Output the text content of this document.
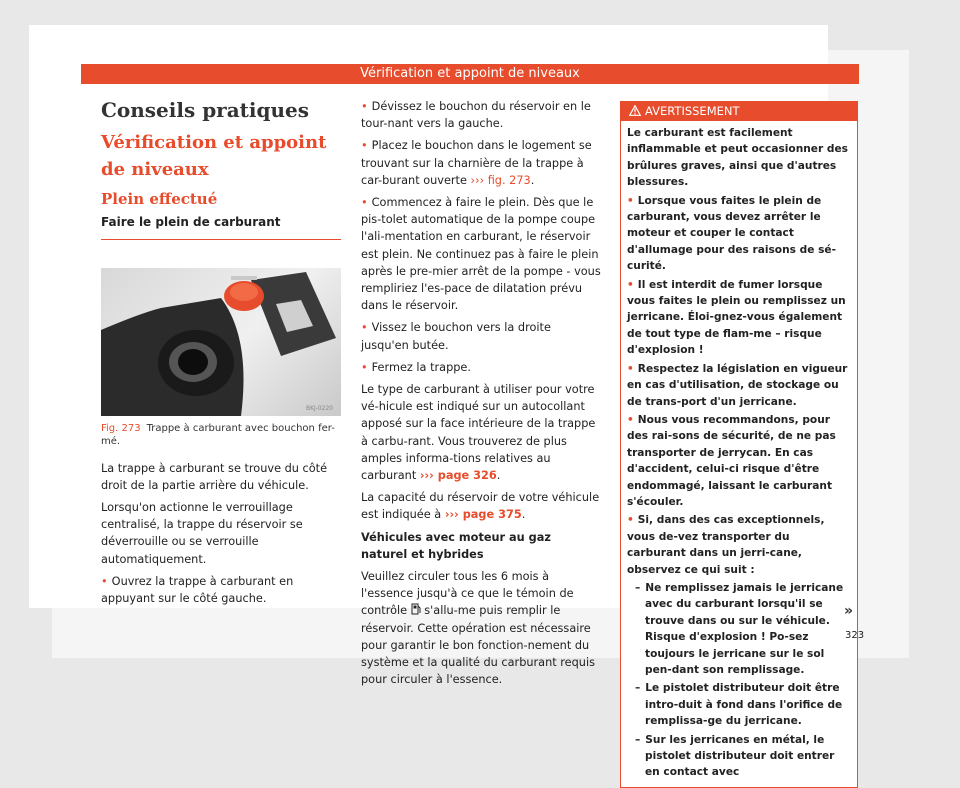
Vérification et appoint de niveaux
Conseils pratiques
Vérification et appoint de niveaux
Plein effectué
Faire le plein de carburant
BKJ-0220
Fig. 273 Trappe à carburant avec bouchon fer-mé.

La trappe à carburant se trouve du côté droit de la partie arrière du véhicule.

Lorsqu'on actionne le verrouillage centralisé, la trappe du réservoir se déverrouille ou se verrouille automatiquement.

• Ouvrez la trappe à carburant en appuyant sur le côté gauche.

• Dévissez le bouchon du réservoir en le tour-nant vers la gauche.

• Placez le bouchon dans le logement se trouvant sur la charnière de la trappe à car-burant ouverte ››› fig. 273.

• Commencez à faire le plein. Dès que le pis-tolet automatique de la pompe coupe l'ali-mentation en carburant, le réservoir est plein. Ne continuez pas à faire le plein après le pre-mier arrêt de la pompe - vous rempliriez l'es-pace de dilatation prévu dans le réservoir.

• Vissez le bouchon vers la droite jusqu'en butée.

• Fermez la trappe.

Le type de carburant à utiliser pour votre vé-hicule est indiqué sur un autocollant apposé sur la face intérieure de la trappe à carbu-rant. Vous trouverez de plus amples informa-tions relatives au carburant ››› page 326.

La capacité du réservoir de votre véhicule est indiquée à ››› page 375.

Véhicules avec moteur au gaz naturel et hybrides

Veuillez circuler tous les 6 mois à l'essence jusqu'à ce que le témoin de contrôle  s'allu-me puis remplir le réservoir. Cette opération est nécessaire pour garantir le bon fonction-nement du système et la qualité du carburant requis pour circuler à l'essence.

AVERTISSEMENT

Le carburant est facilement inflammable et peut occasionner des brûlures graves, ainsi que d'autres blessures.

• Lorsque vous faites le plein de carburant, vous devez arrêter le moteur et couper le contact d'allumage pour des raisons de sé-curité.

• Il est interdit de fumer lorsque vous faites le plein ou remplissez un jerricane. Éloi-gnez-vous également de tout type de flam-me – risque d'explosion !

• Respectez la législation en vigueur en cas d'utilisation, de stockage ou de trans-port d'un jerricane.

• Nous vous recommandons, pour des rai-sons de sécurité, de ne pas transporter de jerrycan. En cas d'accident, celui-ci risque d'être endommagé, laissant le carburant s'écouler.

• Si, dans des cas exceptionnels, vous de-vez transporter du carburant dans un jerri-cane, observez ce qui suit :

– Ne remplissez jamais le jerricane avec du carburant lorsqu'il se trouve dans ou sur le véhicule. Risque d'explosion ! Po-sez toujours le jerricane sur le sol pen-dant son remplissage.

– Le pistolet distributeur doit être intro-duit à fond dans l'orifice de remplissa-ge du jerricane.

– Sur les jerricanes en métal, le pistolet distributeur doit entrer en contact avec

»
323
